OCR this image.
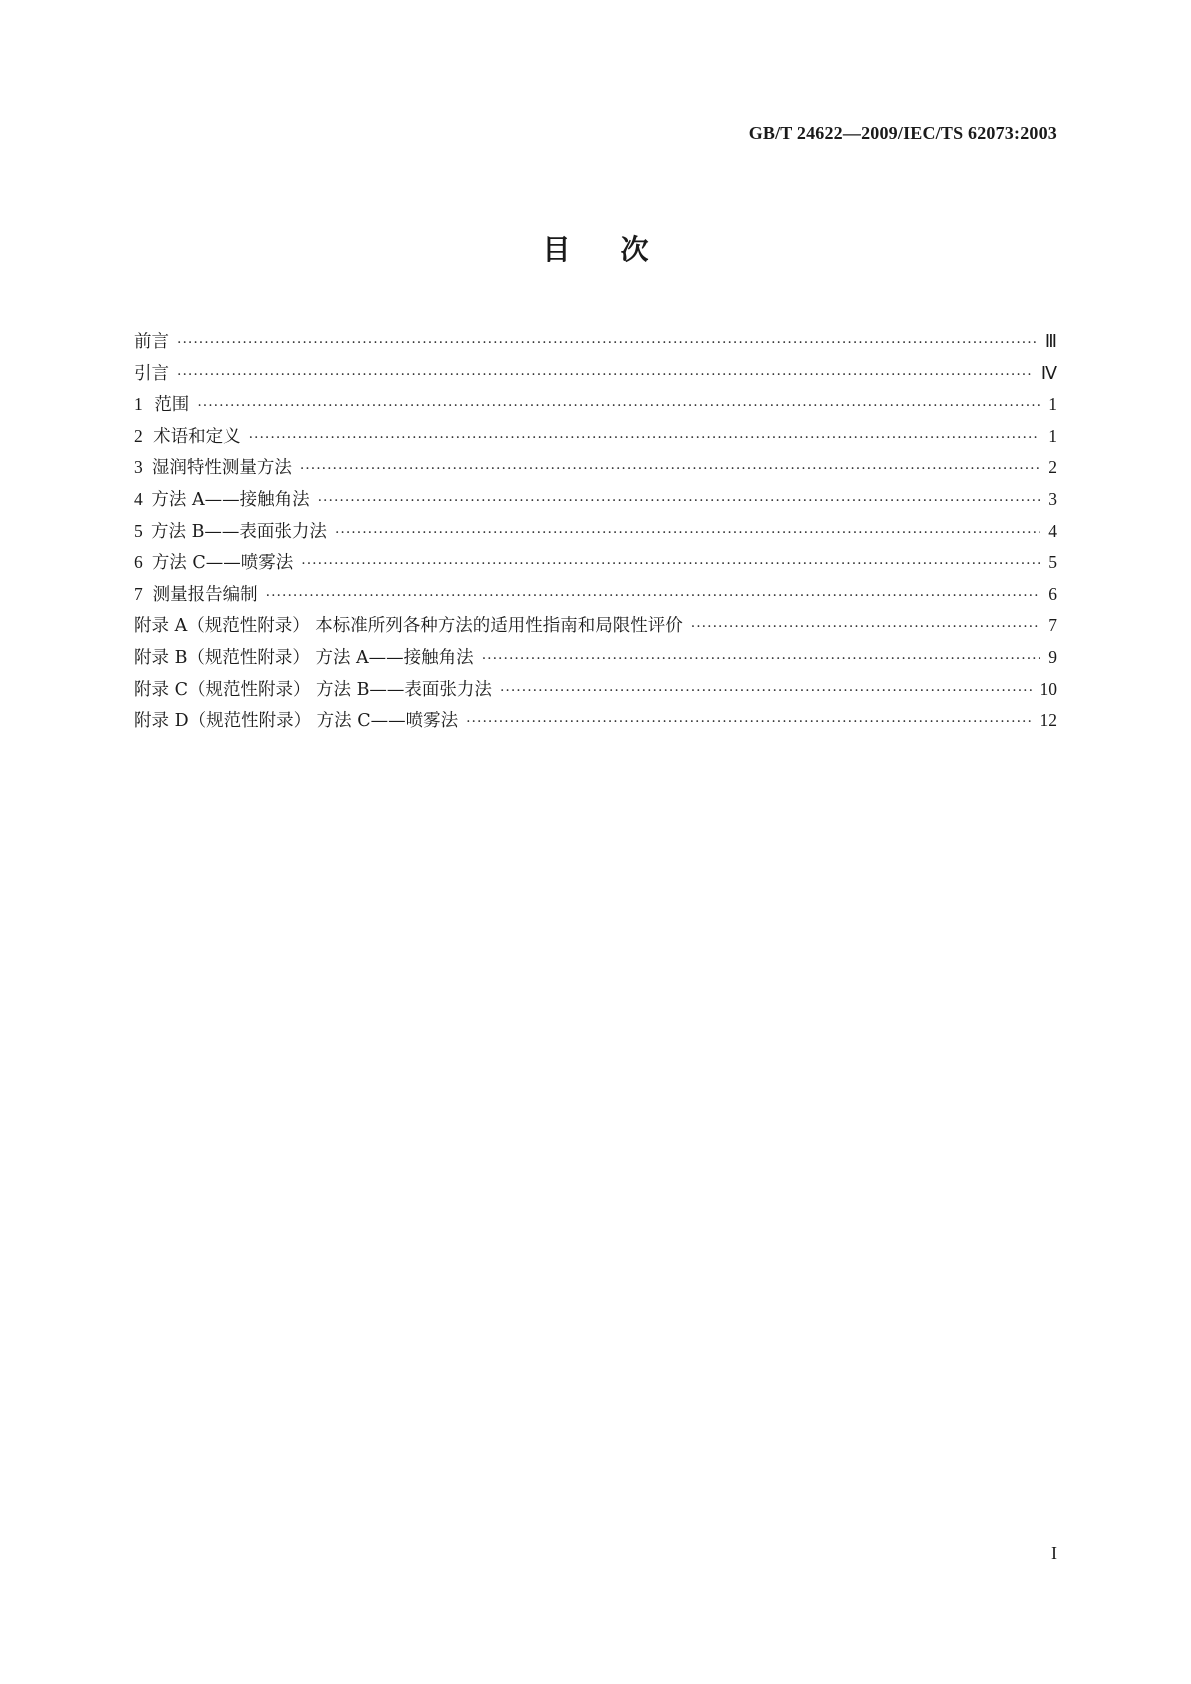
GB/T 24622—2009/IEC/TS 62073:2003
目次
前言 ·····	Ⅲ
引言 ·····	Ⅳ
1 范围 ·····	1
2 术语和定义 ·····	1
3 湿润特性测量方法 ·····	2
4 方法 A——接触角法 ·····	3
5 方法 B——表面张力法 ·····	4
6 方法 C——喷雾法 ·····	5
7 测量报告编制 ·····	6
附录 A（规范性附录） 本标准所列各种方法的适用性指南和局限性评价 ·····	7
附录 B（规范性附录） 方法 A——接触角法 ·····	9
附录 C（规范性附录） 方法 B——表面张力法 ·····	10
附录 D（规范性附录） 方法 C——喷雾法 ·····	12
I
